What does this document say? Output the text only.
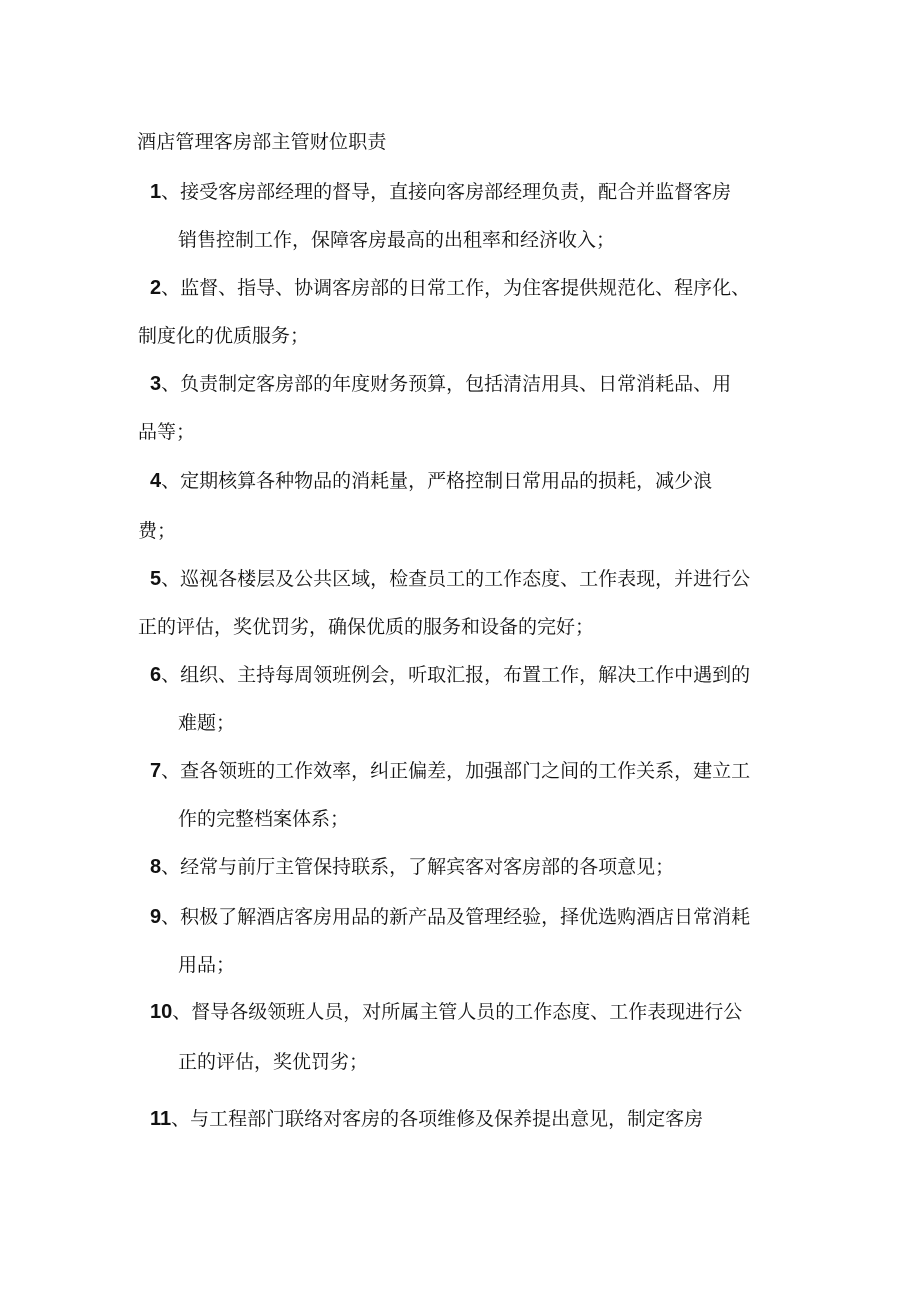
酒店管理客房部主管财位职责
1、接受客房部经理的督导，直接向客房部经理负责，配合并监督客房
销售控制工作，保障客房最高的出租率和经济收入；
2、监督、指导、协调客房部的日常工作，为住客提供规范化、程序化、
制度化的优质服务；
3、负责制定客房部的年度财务预算，包括清洁用具、日常消耗品、用
品等；
4、定期核算各种物品的消耗量，严格控制日常用品的损耗，减少浪
费；
5、巡视各楼层及公共区域，检查员工的工作态度、工作表现，并进行公
正的评估，奖优罚劣，确保优质的服务和设备的完好；
6、组织、主持每周领班例会，听取汇报，布置工作，解决工作中遇到的
难题；
7、查各领班的工作效率，纠正偏差，加强部门之间的工作关系，建立工
作的完整档案体系；
8、经常与前厅主管保持联系，了解宾客对客房部的各项意见；
9、积极了解酒店客房用品的新产品及管理经验，择优选购酒店日常消耗
用品；
10、督导各级领班人员，对所属主管人员的工作态度、工作表现进行公
正的评估，奖优罚劣；
11、与工程部门联络对客房的各项维修及保养提出意见，制定客房
